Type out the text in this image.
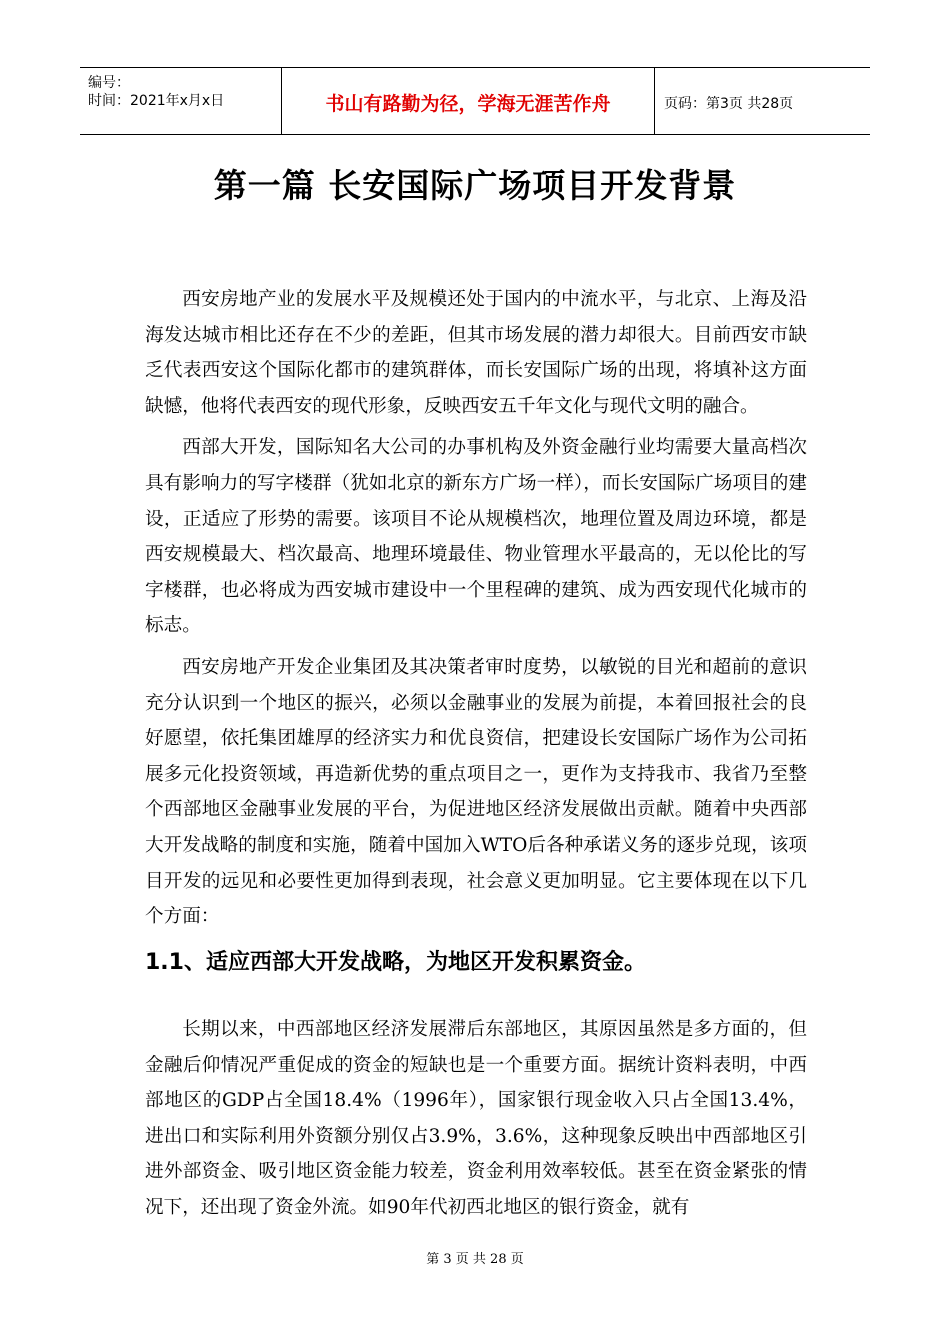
编号：
时间：2021年x月x日	书山有路勤为径，学海无涯苦作舟	页码：第3页 共28页
第一篇 长安国际广场项目开发背景

西安房地产业的发展水平及规模还处于国内的中流水平，与北京、上海及沿海发达城市相比还存在不少的差距，但其市场发展的潜力却很大。目前西安市缺乏代表西安这个国际化都市的建筑群体，而长安国际广场的出现，将填补这方面缺憾，他将代表西安的现代形象，反映西安五千年文化与现代文明的融合。

西部大开发，国际知名大公司的办事机构及外资金融行业均需要大量高档次具有影响力的写字楼群（犹如北京的新东方广场一样），而长安国际广场项目的建设，正适应了形势的需要。该项目不论从规模档次，地理位置及周边环境，都是西安规模最大、档次最高、地理环境最佳、物业管理水平最高的，无以伦比的写字楼群，也必将成为西安城市建设中一个里程碑的建筑、成为西安现代化城市的标志。

西安房地产开发企业集团及其决策者审时度势，以敏锐的目光和超前的意识充分认识到一个地区的振兴，必须以金融事业的发展为前提，本着回报社会的良好愿望，依托集团雄厚的经济实力和优良资信，把建设长安国际广场作为公司拓展多元化投资领域，再造新优势的重点项目之一，更作为支持我市、我省乃至整个西部地区金融事业发展的平台，为促进地区经济发展做出贡献。随着中央西部大开发战略的制度和实施，随着中国加入WTO后各种承诺义务的逐步兑现，该项目开发的远见和必要性更加得到表现，社会意义更加明显。它主要体现在以下几个方面：

1.1、适应西部大开发战略，为地区开发积累资金。

长期以来，中西部地区经济发展滞后东部地区，其原因虽然是多方面的，但金融后仰情况严重促成的资金的短缺也是一个重要方面。据统计资料表明，中西部地区的GDP占全国18.4%（1996年），国家银行现金收入只占全国13.4%，进出口和实际利用外资额分别仅占3.9%，3.6%，这种现象反映出中西部地区引进外部资金、吸引地区资金能力较差，资金利用效率较低。甚至在资金紧张的情况下，还出现了资金外流。如90年代初西北地区的银行资金，就有

第 3 页 共 28 页
